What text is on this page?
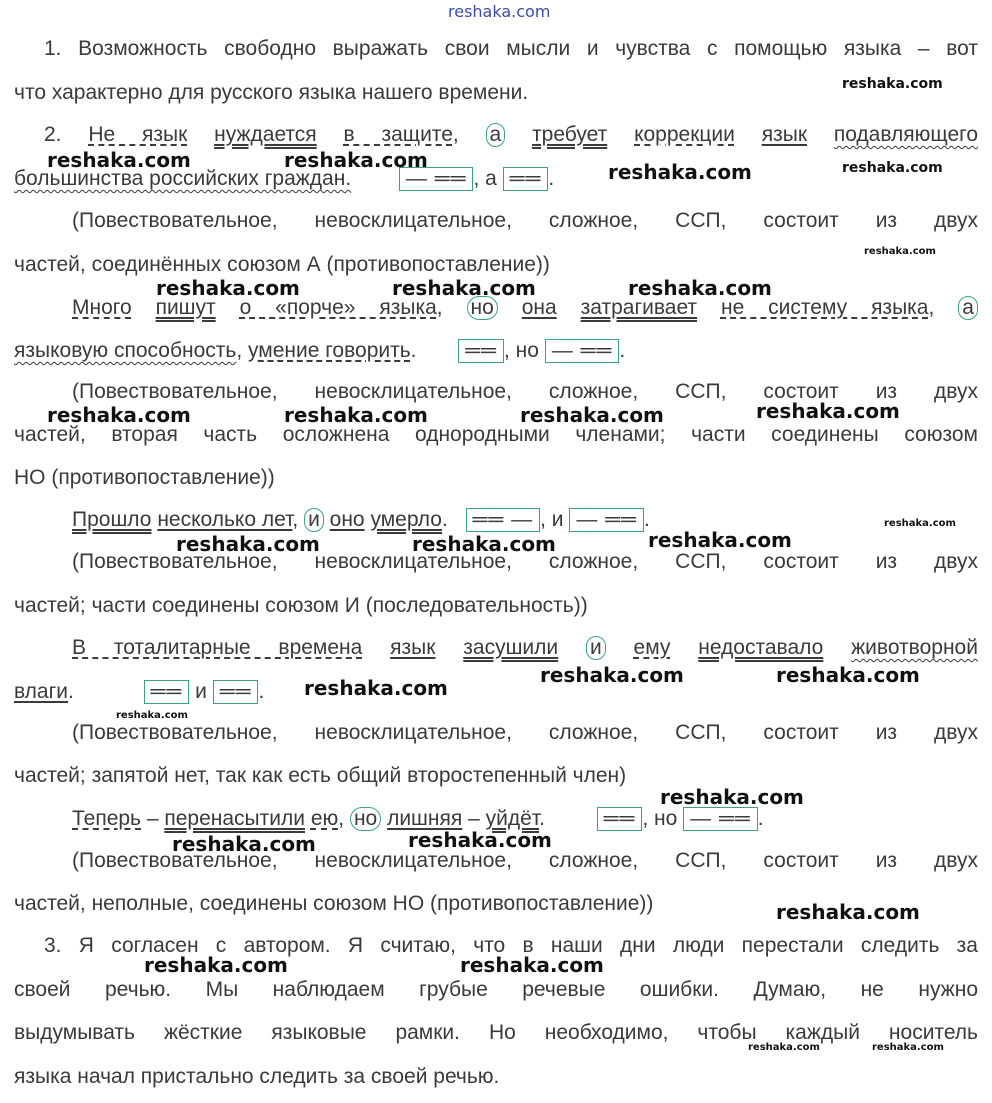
reshaka.com
1. Возможность свободно выражать свои мысли и чувства с помощью языка – вот
что характерно для русского языка нашего времени.
2. Не язык нуждается в защите, а требует коррекции язык подавляющего
большинства российских граждан.	— ══ , а ══ .
(Повествовательное, невосклицательное, сложное, ССП, состоит из двух
частей, соединённых союзом А (противопоставление))
Много пишут о «порче» языка, но она затрагивает не систему языка, а
языковую способность, умение говорить. ══ , но — ══ .
(Повествовательное, невосклицательное, сложное, ССП, состоит из двух
частей, вторая часть осложнена однородными членами; части соединены союзом
НО (противопоставление))
Прошло несколько лет, и оно умерло. ══ — , и — ══ .
(Повествовательное, невосклицательное, сложное, ССП, состоит из двух
частей; части соединены союзом И (последовательность))
В тоталитарные времена язык засушили и ему недоставало животворной
влаги.	══ и ══ .
(Повествовательное, невосклицательное, сложное, ССП, состоит из двух
частей; запятой нет, так как есть общий второстепенный член)
Теперь – перенасытили ею, но лишняя – уйдёт.	══ , но — ══ .
(Повествовательное, невосклицательное, сложное, ССП, состоит из двух
частей, неполные, соединены союзом НО (противопоставление))
3. Я согласен с автором. Я считаю, что в наши дни люди перестали следить за
своей речью. Мы наблюдаем грубые речевые ошибки. Думаю, не нужно
выдумывать жёсткие языковые рамки. Но необходимо, чтобы каждый носитель
языка начал пристально следить за своей речью.
reshaka.com
reshaka.com	reshaka.com	reshaka.com	reshaka.com
reshaka.com
reshaka.com	reshaka.com	reshaka.com
reshaka.com	reshaka.com	reshaka.com	reshaka.com
reshaka.com
reshaka.com	reshaka.com	reshaka.com
reshaka.com	reshaka.com
reshaka.com
reshaka.com
reshaka.com
reshaka.com	reshaka.com
reshaka.com
reshaka.com	reshaka.com
reshaka.com	reshaka.com
